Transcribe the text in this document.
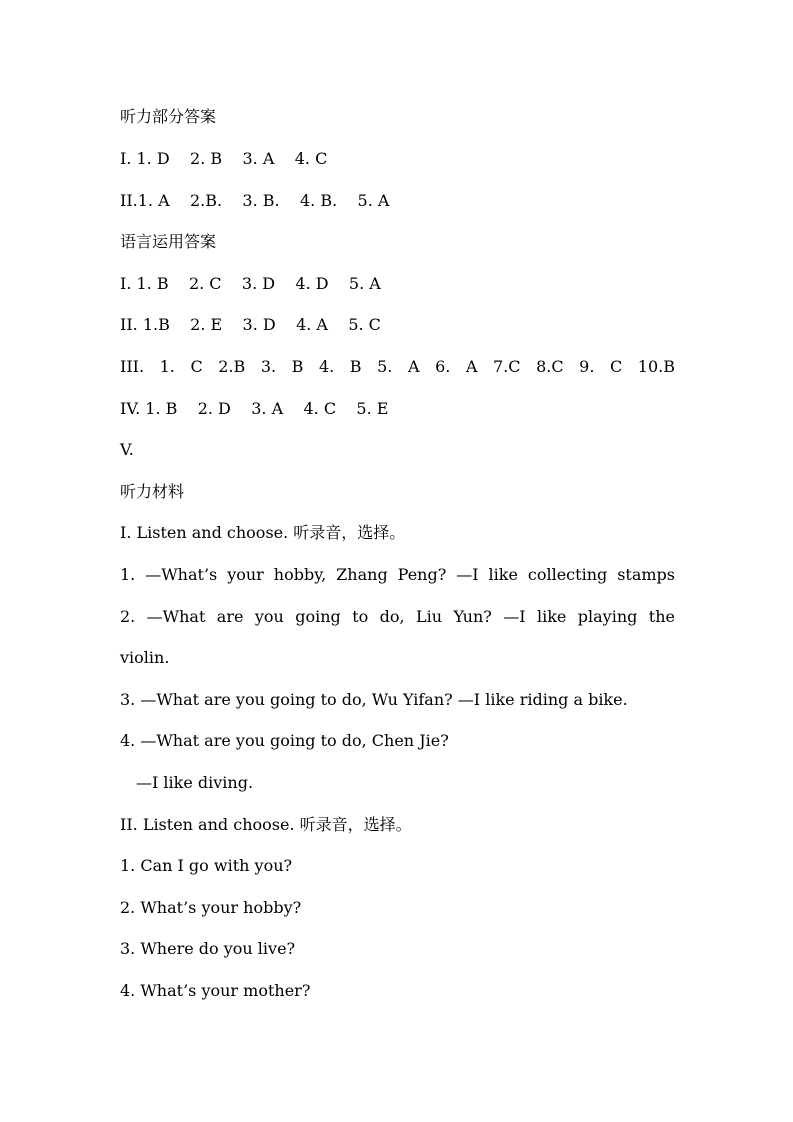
听力部分答案
I. 1. D    2. B    3. A    4. C
II.1. A    2.B.    3. B.    4. B.    5. A
语言运用答案
I. 1. B    2. C    3. D    4. D    5. A
II. 1.B    2. E    3. D    4. A    5. C
III. 1. C 2.B 3. B 4. B 5. A 6. A 7.C 8.C 9. C 10.B
IV. 1. B    2. D    3. A    4. C    5. E
V.
听力材料
I. Listen and choose. 听录音，选择。
1. —What’s your hobby, Zhang Peng? —I like collecting stamps
2. —What are you going to do, Liu Yun? —I like playing the
violin.
3. —What are you going to do, Wu Yifan? —I like riding a bike.
4. —What are you going to do, Chen Jie?
—I like diving.
II. Listen and choose. 听录音，选择。
1. Can I go with you?
2. What’s your hobby?
3. Where do you live?
4. What’s your mother?
